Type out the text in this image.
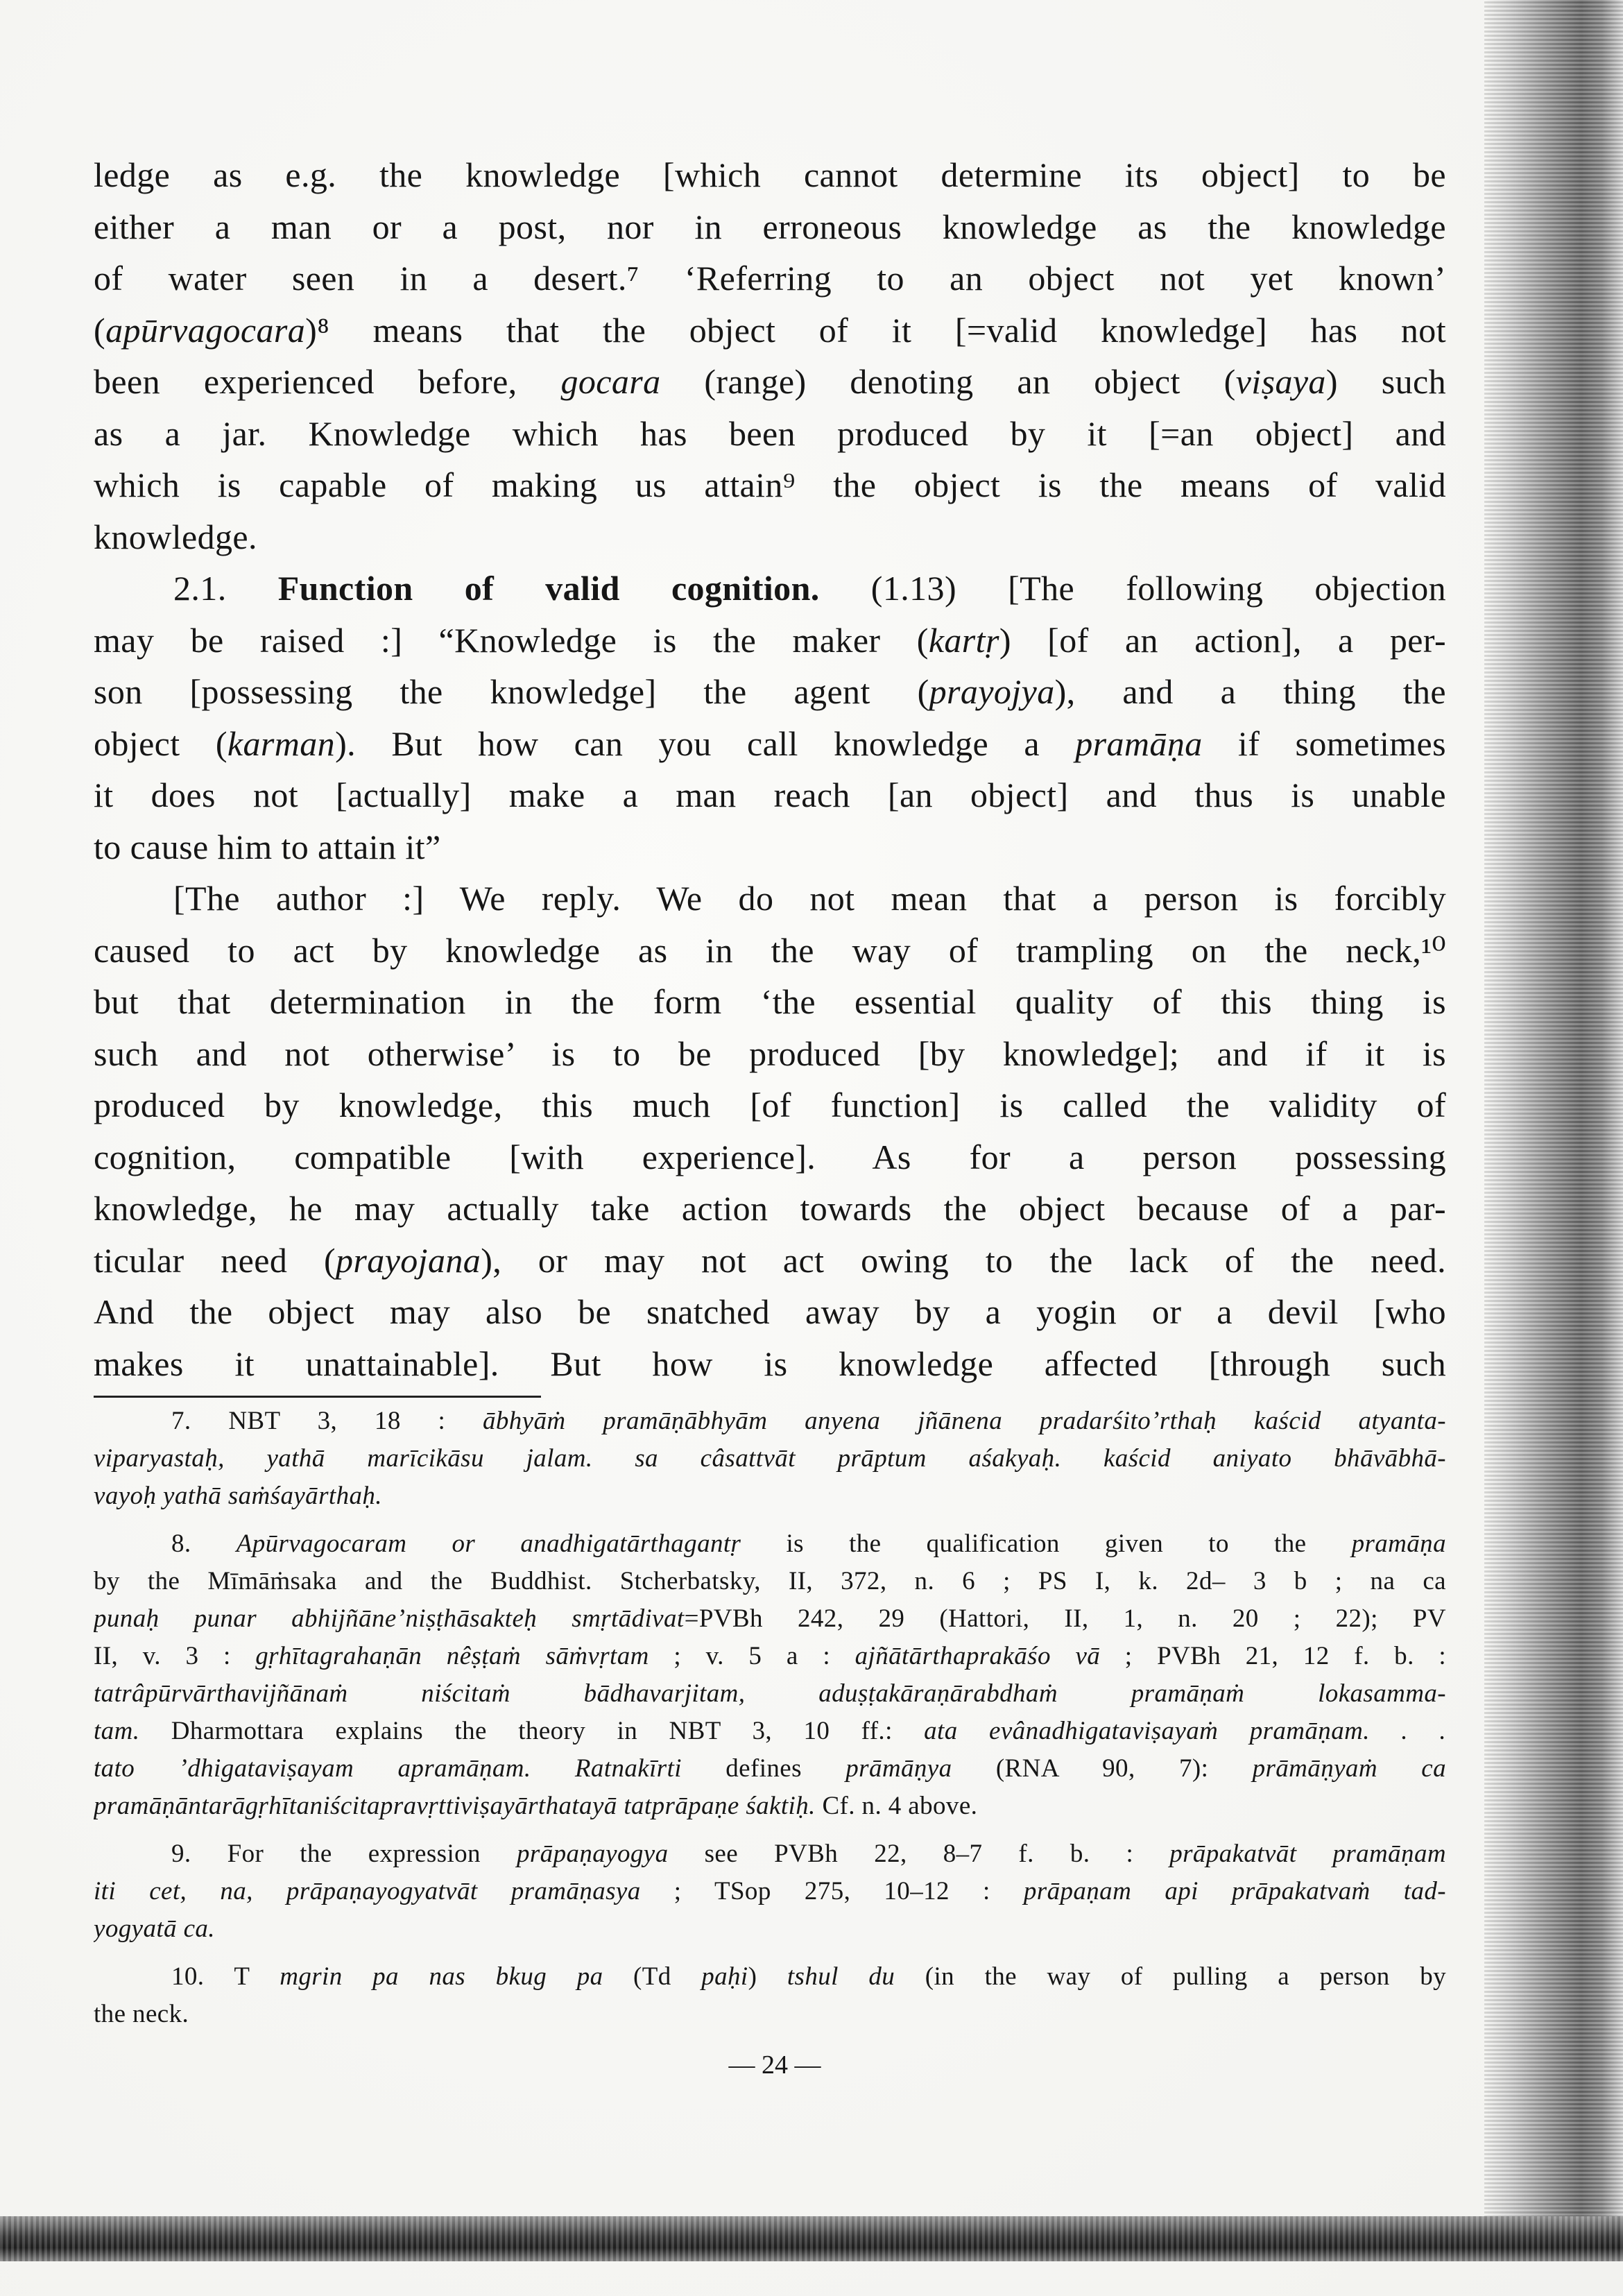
ledge as e.g. the knowledge [which cannot determine its object] to be
either a man or a post, nor in erroneous knowledge as the knowledge
of water seen in a desert.⁷ ‘Referring to an object not yet known’
(apūrvagocara)⁸ means that the object of it [=valid knowledge] has not
been experienced before, gocara (range) denoting an object (viṣaya) such
as a jar. Knowledge which has been produced by it [=an object] and
which is capable of making us attain⁹ the object is the means of valid
knowledge.
2.1. Function of valid cognition. (1.13) [The following objection
may be raised :] “Knowledge is the maker (kartṛ) [of an action], a per-
son [possessing the knowledge] the agent (prayojya), and a thing the
object (karman). But how can you call knowledge a pramāṇa if sometimes
it does not [actually] make a man reach [an object] and thus is unable
to cause him to attain it”
[The author :] We reply. We do not mean that a person is forcibly
caused to act by knowledge as in the way of trampling on the neck,¹⁰
but that determination in the form ‘the essential quality of this thing is
such and not otherwise’ is to be produced [by knowledge]; and if it is
produced by knowledge, this much [of function] is called the validity of
cognition, compatible [with experience]. As for a person possessing
knowledge, he may actually take action towards the object because of a par-
ticular need (prayojana), or may not act owing to the lack of the need.
And the object may also be snatched away by a yogin or a devil [who
makes it unattainable]. But how is knowledge affected [through such
7. NBT 3, 18 : ābhyāṁ pramāṇābhyām anyena jñānena pradarśito’rthaḥ kaścid atyanta-
viparyastaḥ, yathā marīcikāsu jalam. sa câsattvāt prāptum aśakyaḥ. kaścid aniyato bhāvābhā-
vayoḥ yathā saṁśayārthaḥ.
8. Apūrvagocaram or anadhigatārthagantṛ is the qualification given to the pramāṇa
by the Mīmāṁsaka and the Buddhist. Stcherbatsky, II, 372, n. 6 ; PS I, k. 2d– 3 b ; na ca
punaḥ punar abhijñāne’niṣṭhāsakteḥ smṛtādivat=PVBh 242, 29 (Hattori, II, 1, n. 20 ; 22); PV
II, v. 3 : gṛhītagrahaṇān nêṣṭaṁ sāṁvṛtam ; v. 5 a : ajñātārthaprakāśo vā ; PVBh 21, 12 f. b. :
tatrâpūrvārthavijñānaṁ niścitaṁ bādhavarjitam, aduṣṭakāraṇārabdhaṁ pramāṇaṁ lokasamma-
tam. Dharmottara explains the theory in NBT 3, 10 ff.: ata evânadhigataviṣayaṁ pramāṇam. . .
tato ’dhigataviṣayam apramāṇam. Ratnakīrti defines prāmāṇya (RNA 90, 7): prāmāṇyaṁ ca
pramāṇāntarāgṛhītaniścitapravṛttiviṣayārthatayā tatprāpaṇe śaktiḥ. Cf. n. 4 above.
9. For the expression prāpaṇayogya see PVBh 22, 8–7 f. b. : prāpakatvāt pramāṇam
iti cet, na, prāpaṇayogyatvāt pramāṇasya ; TSop 275, 10–12 : prāpaṇam api prāpakatvaṁ tad-
yogyatā ca.
10. T mgrin pa nas bkug pa (Td paḥi) tshul du (in the way of pulling a person by
the neck.
— 24 —
